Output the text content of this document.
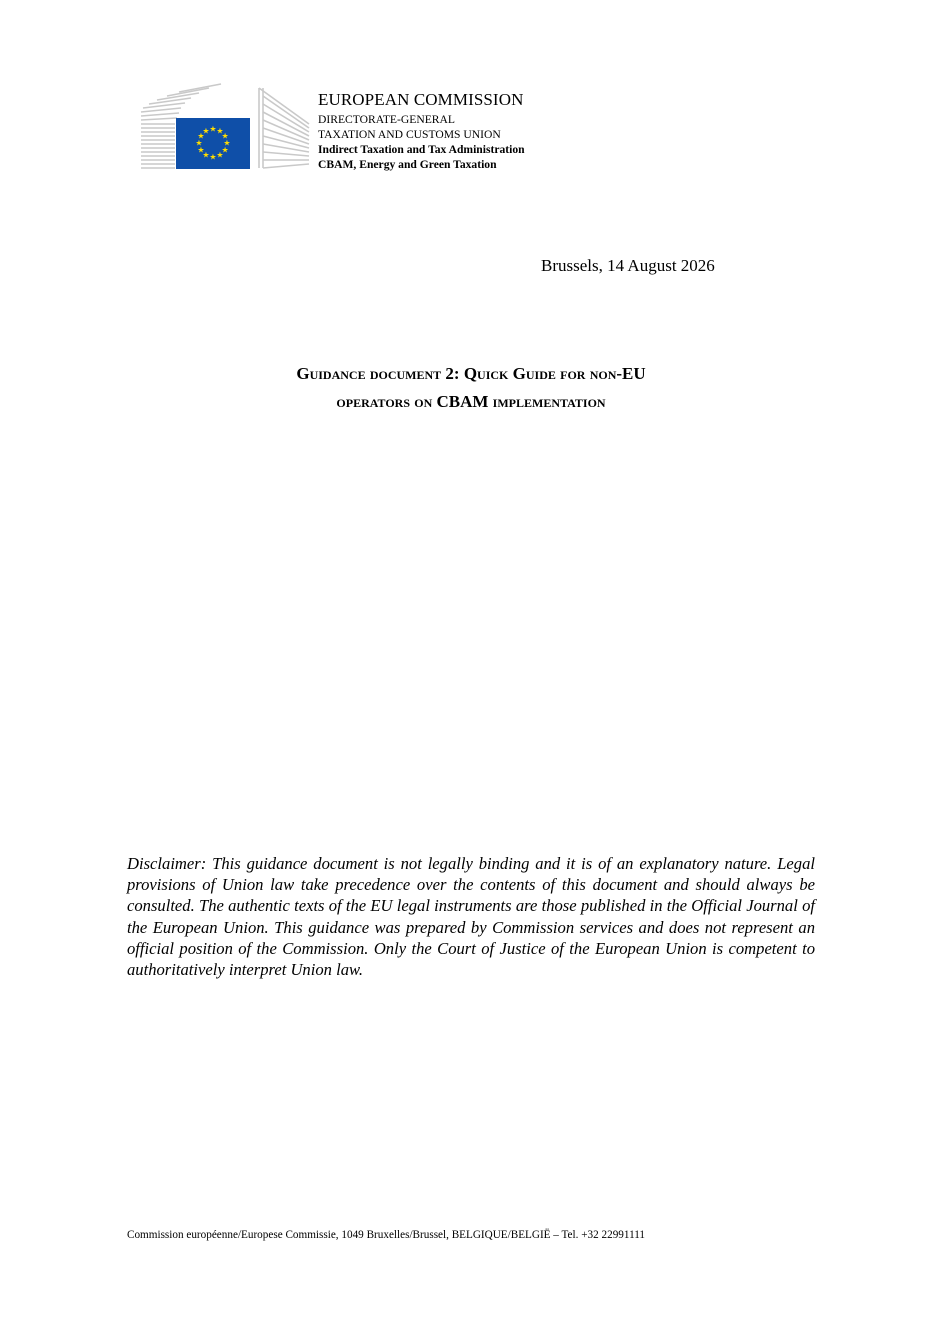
★ ★
★
★
★
★
★
★
★
★
★
★
EUROPEAN COMMISSION
DIRECTORATE-GENERAL
TAXATION AND CUSTOMS UNION
Indirect Taxation and Tax Administration
CBAM, Energy and Green Taxation
Brussels, 14 August 2026
Guidance document 2: Quick Guide for non-EU
operators on CBAM implementation

Disclaimer: This guidance document is not legally binding and it is of an explanatory nature. Legal provisions of Union law take precedence over the contents of this document and should always be consulted. The authentic texts of the EU legal instruments are those published in the Official Journal of the European Union. This guidance was prepared by Commission services and does not represent an official position of the Commission. Only the Court of Justice of the European Union is competent to authoritatively interpret Union law.

Commission européenne/Europese Commissie, 1049 Bruxelles/Brussel, BELGIQUE/BELGIË – Tel. +32 22991111
